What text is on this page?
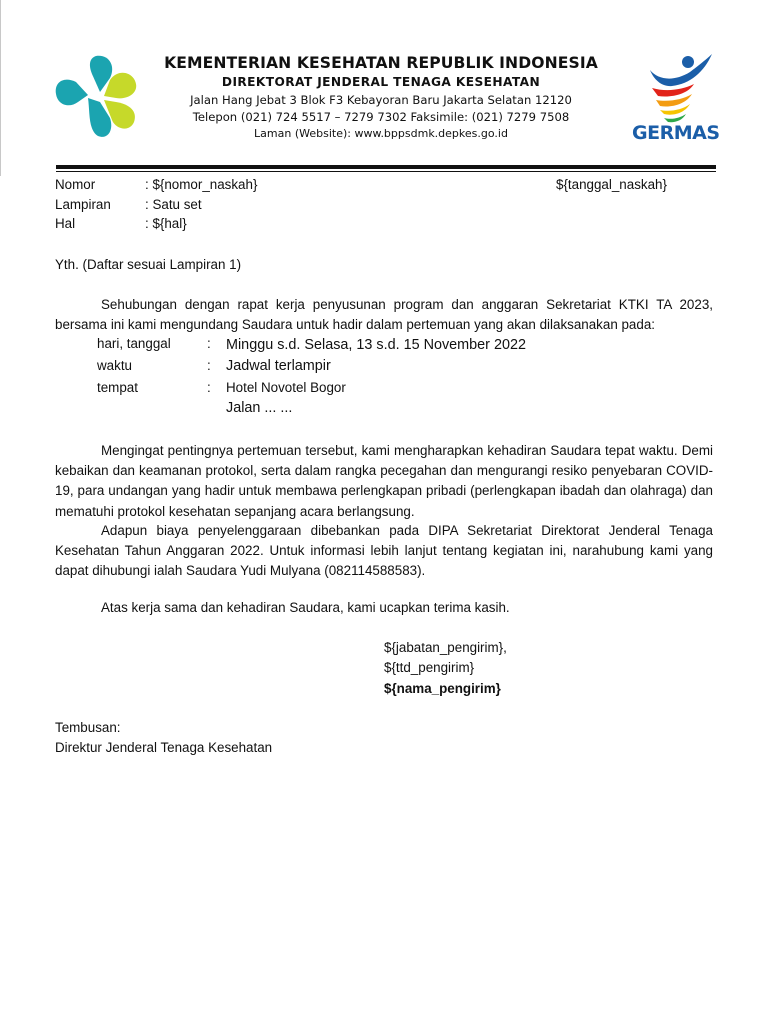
KEMENTERIAN KESEHATAN REPUBLIK INDONESIA
DIREKTORAT JENDERAL TENAGA KESEHATAN
Jalan Hang Jebat 3 Blok F3 Kebayoran Baru Jakarta Selatan 12120
Telepon (021) 724 5517 – 7279 7302 Faksimile: (021) 7279 7508
Laman (Website): www.bppsdmk.depkes.go.id	GERMAS
Nomor	: ${nomor_naskah}	${tanggal_naskah}
Lampiran	: Satu set
Hal	: ${hal}
Yth. (Daftar sesuai Lampiran 1)
Sehubungan dengan rapat kerja penyusunan program dan anggaran Sekretariat KTKI TA 2023, bersama ini kami mengundang Saudara untuk hadir dalam pertemuan yang akan dilaksanakan pada:
hari, tanggal	: Minggu s.d. Selasa, 13 s.d. 15 November 2022
waktu	: Jadwal terlampir
tempat	: Hotel Novotel Bogor
Jalan ... ...
Mengingat pentingnya pertemuan tersebut, kami mengharapkan kehadiran Saudara tepat waktu. Demi kebaikan dan keamanan protokol, serta dalam rangka pecegahan dan mengurangi resiko penyebaran COVID-19, para undangan yang hadir untuk membawa perlengkapan pribadi (perlengkapan ibadah dan olahraga) dan mematuhi protokol kesehatan sepanjang acara berlangsung.
Adapun biaya penyelenggaraan dibebankan pada DIPA Sekretariat Direktorat Jenderal Tenaga Kesehatan Tahun Anggaran 2022. Untuk informasi lebih lanjut tentang kegiatan ini, narahubung kami yang dapat dihubungi ialah Saudara Yudi Mulyana (082114588583).
Atas kerja sama dan kehadiran Saudara, kami ucapkan terima kasih.
${jabatan_pengirim},
${ttd_pengirim}
${nama_pengirim}
Tembusan:
Direktur Jenderal Tenaga Kesehatan
